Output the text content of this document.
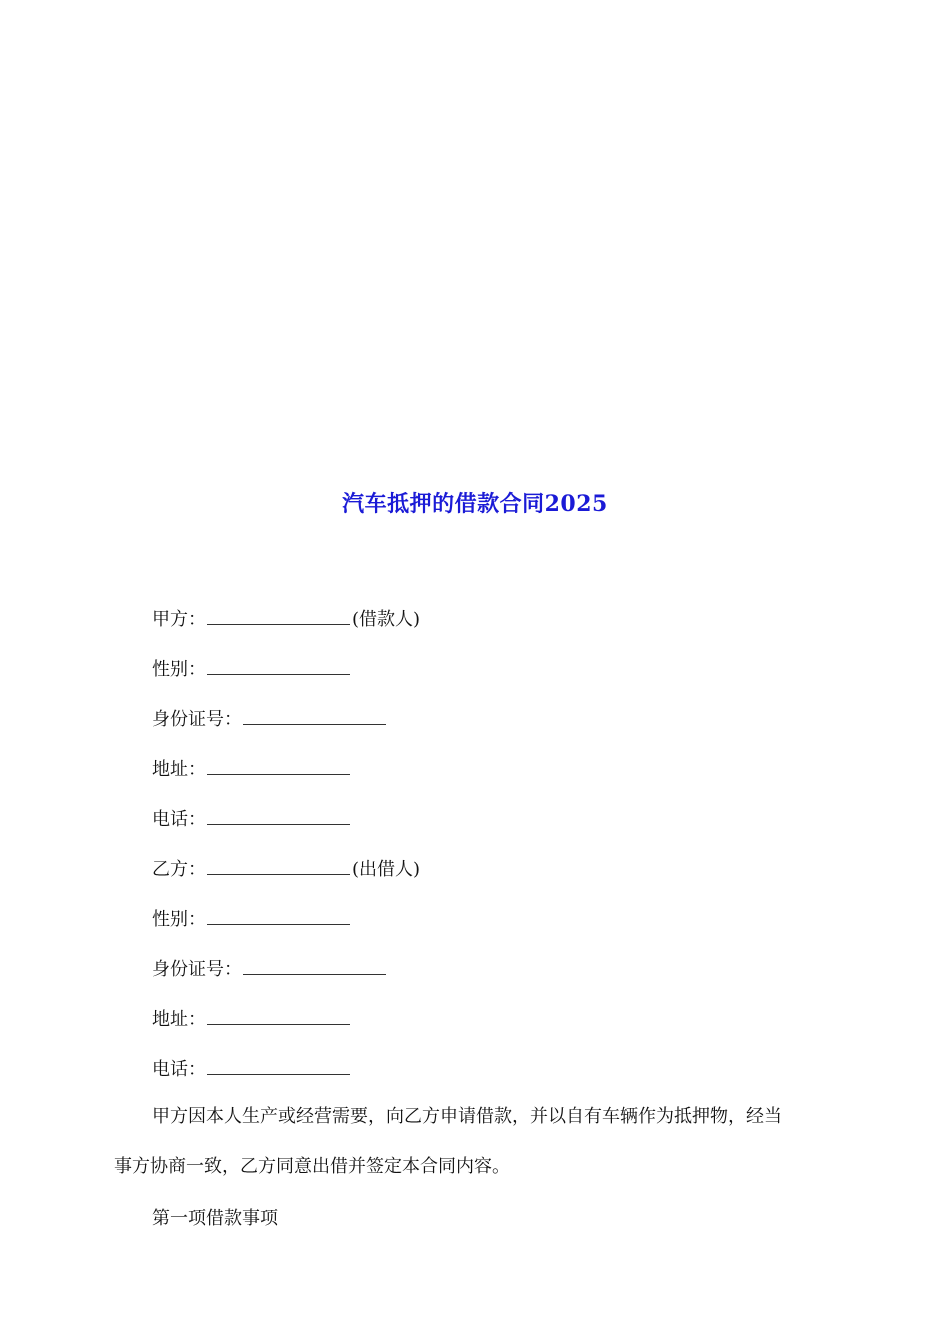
汽车抵押的借款合同2025
甲方：	(借款人)
性别：
身份证号：
地址：
电话：
乙方：	(出借人)
性别：
身份证号：
地址：
电话：
甲方因本人生产或经营需要，向乙方申请借款，并以自有车辆作为抵押物，经当
事方协商一致，乙方同意出借并签定本合同内容。
第一项借款事项
